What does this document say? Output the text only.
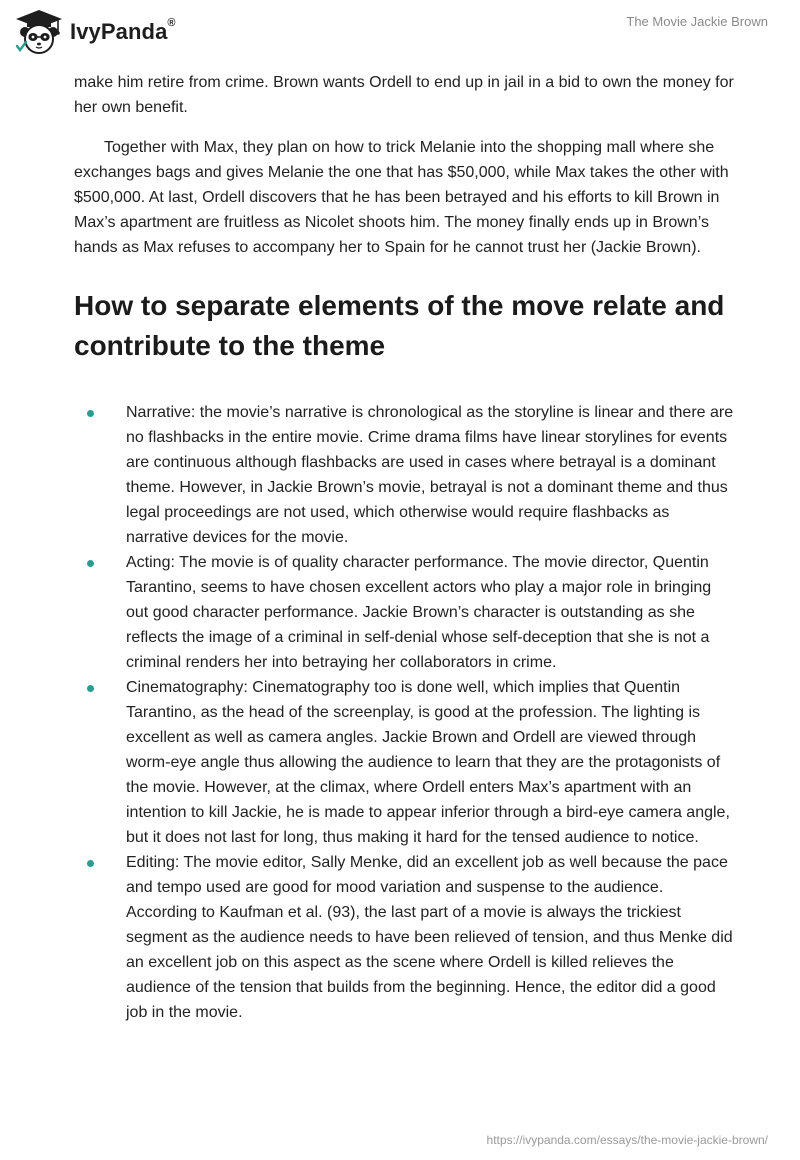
IvyPanda®	The Movie Jackie Brown

make him retire from crime. Brown wants Ordell to end up in jail in a bid to own the money for her own benefit.

Together with Max, they plan on how to trick Melanie into the shopping mall where she exchanges bags and gives Melanie the one that has $50,000, while Max takes the other with $500,000. At last, Ordell discovers that he has been betrayed and his efforts to kill Brown in Max’s apartment are fruitless as Nicolet shoots him. The money finally ends up in Brown’s hands as Max refuses to accompany her to Spain for he cannot trust her (Jackie Brown).

How to separate elements of the move relate and contribute to the theme
Narrative: the movie’s narrative is chronological as the storyline is linear and there are no flashbacks in the entire movie. Crime drama films have linear storylines for events are continuous although flashbacks are used in cases where betrayal is a dominant theme. However, in Jackie Brown’s movie, betrayal is not a dominant theme and thus legal proceedings are not used, which otherwise would require flashbacks as narrative devices for the movie.
Acting: The movie is of quality character performance. The movie director, Quentin Tarantino, seems to have chosen excellent actors who play a major role in bringing out good character performance. Jackie Brown’s character is outstanding as she reflects the image of a criminal in self-denial whose self-deception that she is not a criminal renders her into betraying her collaborators in crime.
Cinematography: Cinematography too is done well, which implies that Quentin Tarantino, as the head of the screenplay, is good at the profession. The lighting is excellent as well as camera angles. Jackie Brown and Ordell are viewed through worm-eye angle thus allowing the audience to learn that they are the protagonists of the movie. However, at the climax, where Ordell enters Max’s apartment with an intention to kill Jackie, he is made to appear inferior through a bird-eye camera angle, but it does not last for long, thus making it hard for the tensed audience to notice.
Editing: The movie editor, Sally Menke, did an excellent job as well because the pace and tempo used are good for mood variation and suspense to the audience. According to Kaufman et al. (93), the last part of a movie is always the trickiest segment as the audience needs to have been relieved of tension, and thus Menke did an excellent job on this aspect as the scene where Ordell is killed relieves the audience of the tension that builds from the beginning. Hence, the editor did a good job in the movie.
https://ivypanda.com/essays/the-movie-jackie-brown/
